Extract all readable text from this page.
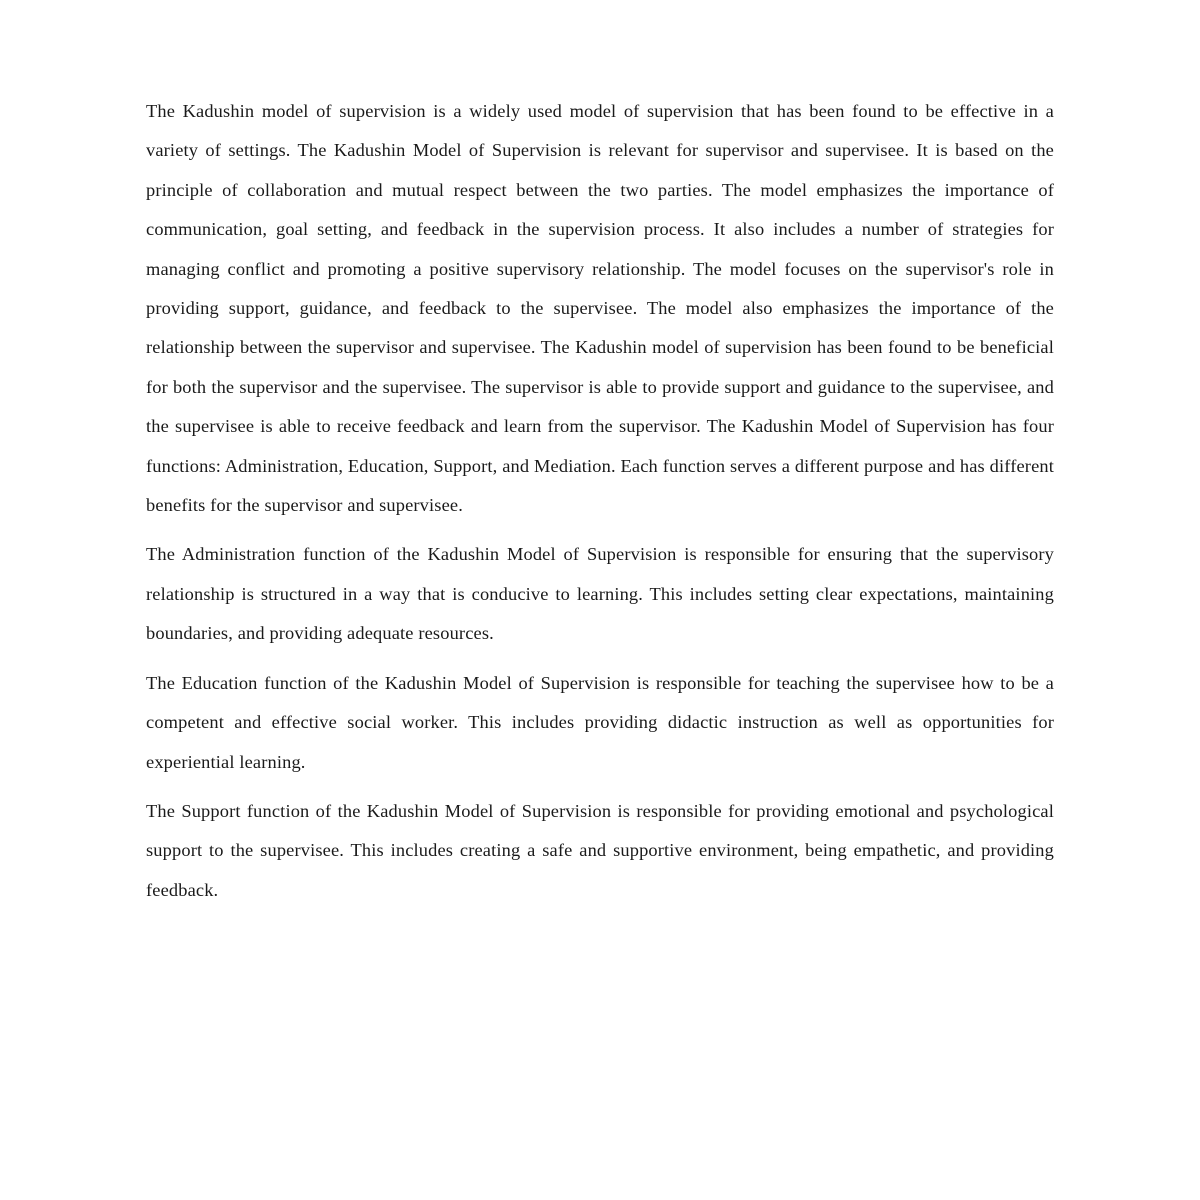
The Kadushin model of supervision is a widely used model of supervision that has been found to be effective in a variety of settings. The Kadushin Model of Supervision is relevant for supervisor and supervisee. It is based on the principle of collaboration and mutual respect between the two parties. The model emphasizes the importance of communication, goal setting, and feedback in the supervision process. It also includes a number of strategies for managing conflict and promoting a positive supervisory relationship. The model focuses on the supervisor's role in providing support, guidance, and feedback to the supervisee. The model also emphasizes the importance of the relationship between the supervisor and supervisee. The Kadushin model of supervision has been found to be beneficial for both the supervisor and the supervisee. The supervisor is able to provide support and guidance to the supervisee, and the supervisee is able to receive feedback and learn from the supervisor. The Kadushin Model of Supervision has four functions: Administration, Education, Support, and Mediation. Each function serves a different purpose and has different benefits for the supervisor and supervisee.

The Administration function of the Kadushin Model of Supervision is responsible for ensuring that the supervisory relationship is structured in a way that is conducive to learning. This includes setting clear expectations, maintaining boundaries, and providing adequate resources.

The Education function of the Kadushin Model of Supervision is responsible for teaching the supervisee how to be a competent and effective social worker. This includes providing didactic instruction as well as opportunities for experiential learning.

The Support function of the Kadushin Model of Supervision is responsible for providing emotional and psychological support to the supervisee. This includes creating a safe and supportive environment, being empathetic, and providing feedback.
